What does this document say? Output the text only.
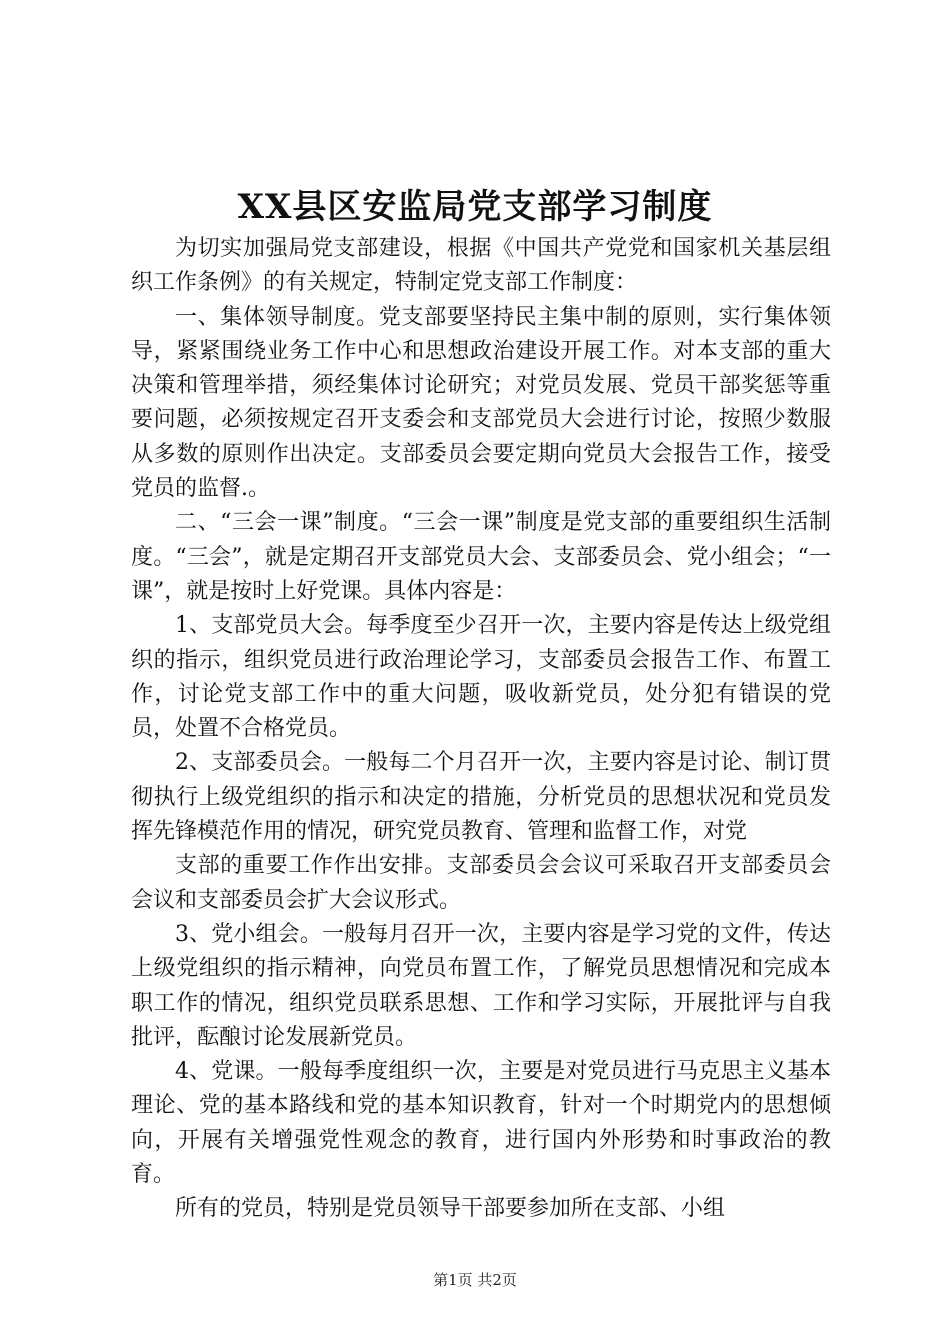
XX县区安监局党支部学习制度

为切实加强局党支部建设，根据《中国共产党党和国家机关基层组织工作条例》的有关规定，特制定党支部工作制度：

一、集体领导制度。党支部要坚持民主集中制的原则，实行集体领导，紧紧围绕业务工作中心和思想政治建设开展工作。对本支部的重大决策和管理举措，须经集体讨论研究；对党员发展、党员干部奖惩等重要问题，必须按规定召开支委会和支部党员大会进行讨论，按照少数服从多数的原则作出决定。支部委员会要定期向党员大会报告工作，接受党员的监督.。

二、“三会一课”制度。“三会一课”制度是党支部的重要组织生活制度。“三会”，就是定期召开支部党员大会、支部委员会、党小组会；“一课”，就是按时上好党课。具体内容是：

1、支部党员大会。每季度至少召开一次，主要内容是传达上级党组织的指示，组织党员进行政治理论学习，支部委员会报告工作、布置工作，讨论党支部工作中的重大问题，吸收新党员，处分犯有错误的党员，处置不合格党员。

2、支部委员会。一般每二个月召开一次，主要内容是讨论、制订贯彻执行上级党组织的指示和决定的措施，分析党员的思想状况和党员发挥先锋模范作用的情况，研究党员教育、管理和监督工作，对党

支部的重要工作作出安排。支部委员会会议可采取召开支部委员会会议和支部委员会扩大会议形式。

3、党小组会。一般每月召开一次，主要内容是学习党的文件，传达上级党组织的指示精神，向党员布置工作，了解党员思想情况和完成本职工作的情况，组织党员联系思想、工作和学习实际，开展批评与自我批评，酝酿讨论发展新党员。

4、党课。一般每季度组织一次，主要是对党员进行马克思主义基本理论、党的基本路线和党的基本知识教育，针对一个时期党内的思想倾向，开展有关增强党性观念的教育，进行国内外形势和时事政治的教育。

所有的党员，特别是党员领导干部要参加所在支部、小组

第1页 共2页
